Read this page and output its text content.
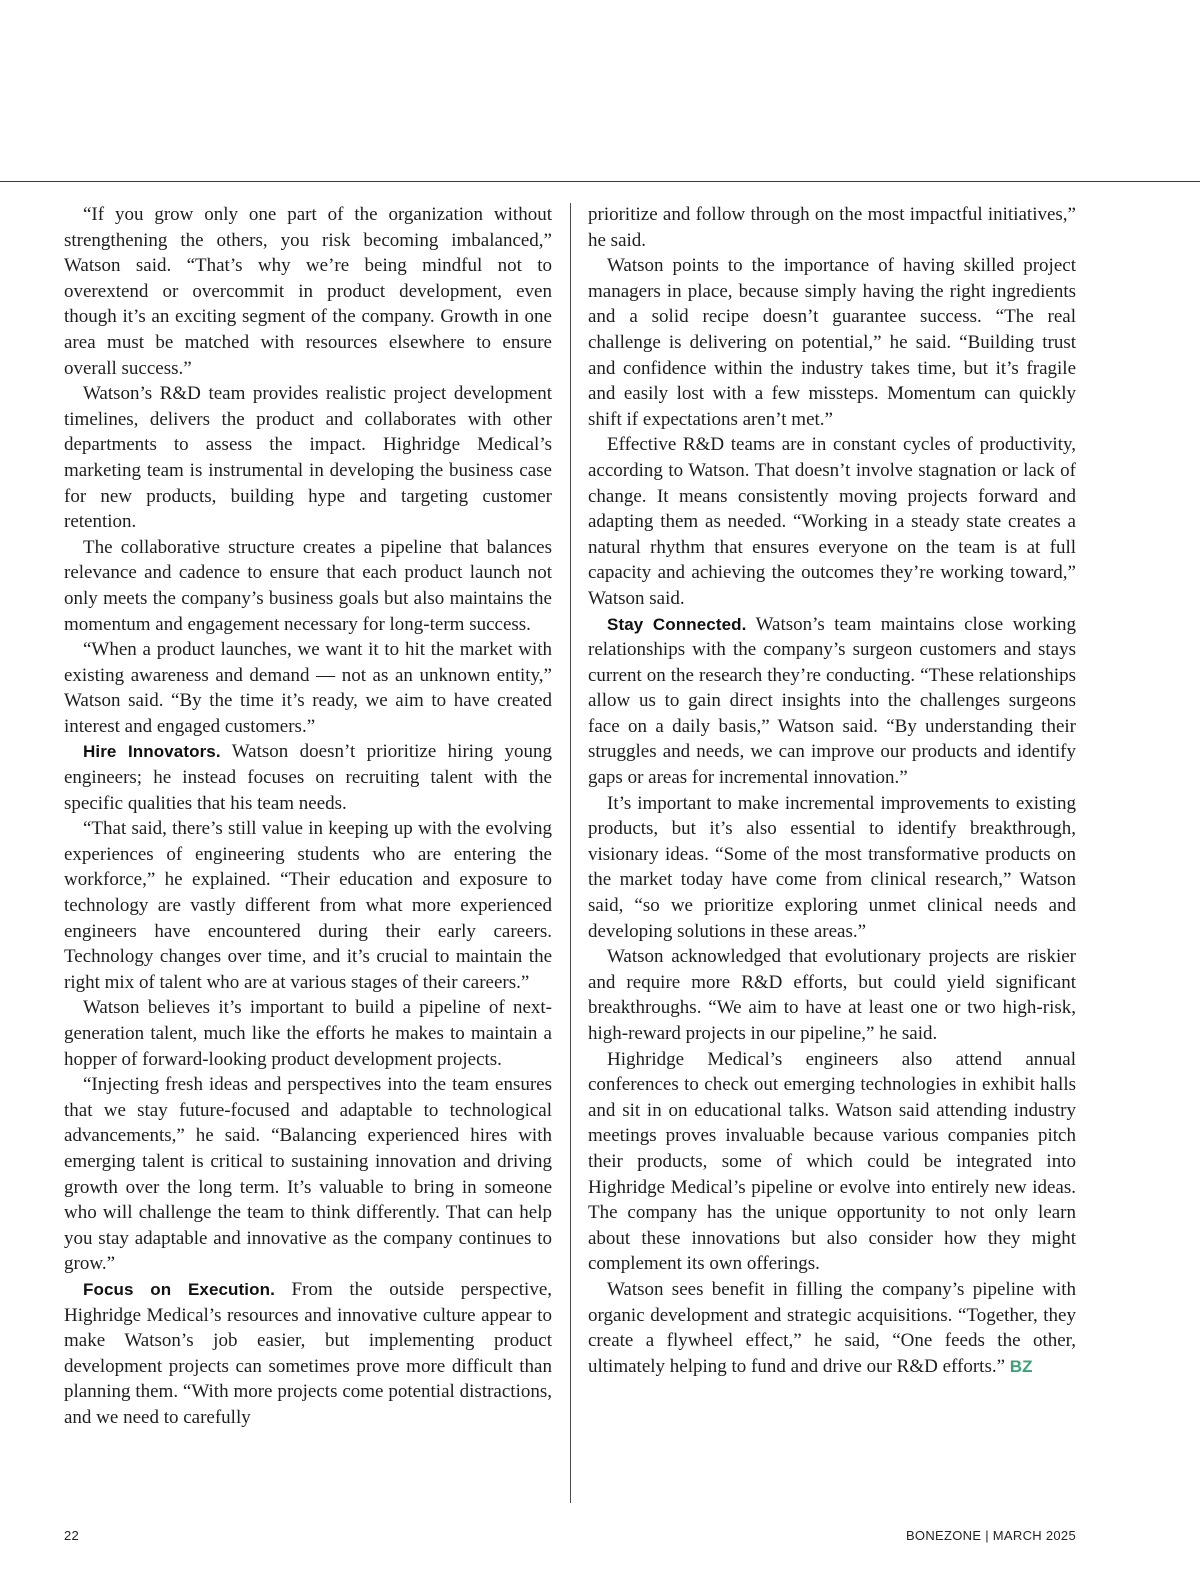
“If you grow only one part of the organization without strengthening the others, you risk becoming imbalanced,” Watson said. “That’s why we’re being mindful not to overextend or overcommit in product development, even though it’s an exciting segment of the company. Growth in one area must be matched with resources elsewhere to ensure overall success.”

Watson’s R&D team provides realistic project development timelines, delivers the product and collaborates with other departments to assess the impact. Highridge Medical’s marketing team is instrumental in developing the business case for new products, building hype and targeting customer retention.

The collaborative structure creates a pipeline that balances relevance and cadence to ensure that each product launch not only meets the company’s business goals but also maintains the momentum and engagement necessary for long-term success.

“When a product launches, we want it to hit the market with existing awareness and demand — not as an unknown entity,” Watson said. “By the time it’s ready, we aim to have created interest and engaged customers.”

Hire Innovators. Watson doesn’t prioritize hiring young engineers; he instead focuses on recruiting talent with the specific qualities that his team needs.

“That said, there’s still value in keeping up with the evolving experiences of engineering students who are entering the workforce,” he explained. “Their education and exposure to technology are vastly different from what more experienced engineers have encountered during their early careers. Technology changes over time, and it’s crucial to maintain the right mix of talent who are at various stages of their careers.”

Watson believes it’s important to build a pipeline of next-generation talent, much like the efforts he makes to maintain a hopper of forward-looking product development projects.

“Injecting fresh ideas and perspectives into the team ensures that we stay future-focused and adaptable to technological advancements,” he said. “Balancing experienced hires with emerging talent is critical to sustaining innovation and driving growth over the long term. It’s valuable to bring in someone who will challenge the team to think differently. That can help you stay adaptable and innovative as the company continues to grow.”

Focus on Execution. From the outside perspective, Highridge Medical’s resources and innovative culture appear to make Watson’s job easier, but implementing product development projects can sometimes prove more difficult than planning them. “With more projects come potential distractions, and we need to carefully

prioritize and follow through on the most impactful initiatives,” he said.

Watson points to the importance of having skilled project managers in place, because simply having the right ingredients and a solid recipe doesn’t guarantee success. “The real challenge is delivering on potential,” he said. “Building trust and confidence within the industry takes time, but it’s fragile and easily lost with a few missteps. Momentum can quickly shift if expectations aren’t met.”

Effective R&D teams are in constant cycles of productivity, according to Watson. That doesn’t involve stagnation or lack of change. It means consistently moving projects forward and adapting them as needed. “Working in a steady state creates a natural rhythm that ensures everyone on the team is at full capacity and achieving the outcomes they’re working toward,” Watson said.

Stay Connected. Watson’s team maintains close working relationships with the company’s surgeon customers and stays current on the research they’re conducting. “These relationships allow us to gain direct insights into the challenges surgeons face on a daily basis,” Watson said. “By understanding their struggles and needs, we can improve our products and identify gaps or areas for incremental innovation.”

It’s important to make incremental improvements to existing products, but it’s also essential to identify breakthrough, visionary ideas. “Some of the most transformative products on the market today have come from clinical research,” Watson said, “so we prioritize exploring unmet clinical needs and developing solutions in these areas.”

Watson acknowledged that evolutionary projects are riskier and require more R&D efforts, but could yield significant breakthroughs. “We aim to have at least one or two high-risk, high-reward projects in our pipeline,” he said.

Highridge Medical’s engineers also attend annual conferences to check out emerging technologies in exhibit halls and sit in on educational talks. Watson said attending industry meetings proves invaluable because various companies pitch their products, some of which could be integrated into Highridge Medical’s pipeline or evolve into entirely new ideas. The company has the unique opportunity to not only learn about these innovations but also consider how they might complement its own offerings.

Watson sees benefit in filling the company’s pipeline with organic development and strategic acquisitions. “Together, they create a flywheel effect,” he said, “One feeds the other, ultimately helping to fund and drive our R&D efforts.” BZ

22	BONEZONE | MARCH 2025
